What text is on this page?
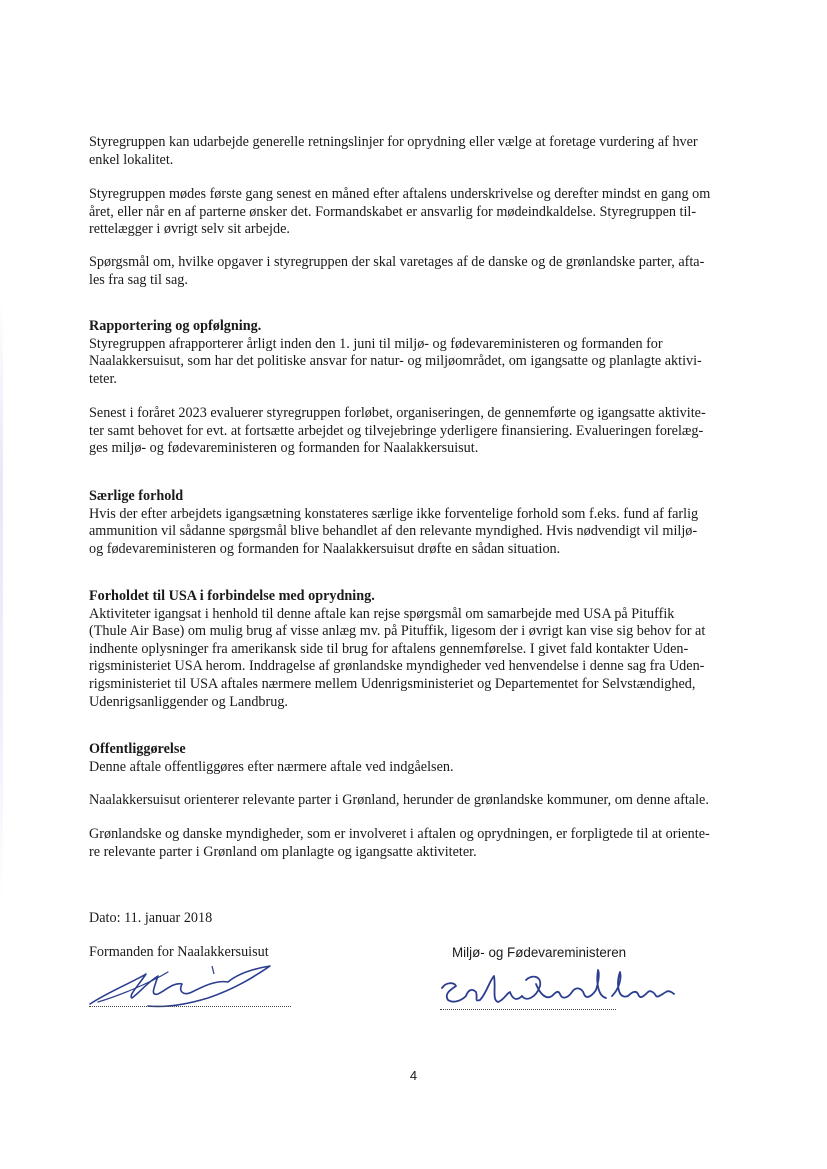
Styregruppen kan udarbejde generelle retningslinjer for oprydning eller vælge at foretage vurdering af hver
enkel lokalitet.

Styregruppen mødes første gang senest en måned efter aftalens underskrivelse og derefter mindst en gang om
året, eller når en af parterne ønsker det. Formandskabet er ansvarlig for mødeindkaldelse. Styregruppen til-
rettelægger i øvrigt selv sit arbejde.

Spørgsmål om, hvilke opgaver i styregruppen der skal varetages af de danske og de grønlandske parter, afta-
les fra sag til sag.

Rapportering og opfølgning.
Styregruppen afrapporterer årligt inden den 1. juni til miljø- og fødevareministeren og formanden for
Naalakkersuisut, som har det politiske ansvar for natur- og miljøområdet, om igangsatte og planlagte aktivi-
teter.

Senest i foråret 2023 evaluerer styregruppen forløbet, organiseringen, de gennemførte og igangsatte aktivite-
ter samt behovet for evt. at fortsætte arbejdet og tilvejebringe yderligere finansiering. Evalueringen forelæg-
ges miljø- og fødevareministeren og formanden for Naalakkersuisut.

Særlige forhold
Hvis der efter arbejdets igangsætning konstateres særlige ikke forventelige forhold som f.eks. fund af farlig
ammunition vil sådanne spørgsmål blive behandlet af den relevante myndighed. Hvis nødvendigt vil miljø-
og fødevareministeren og formanden for Naalakkersuisut drøfte en sådan situation.

Forholdet til USA i forbindelse med oprydning.
Aktiviteter igangsat i henhold til denne aftale kan rejse spørgsmål om samarbejde med USA på Pituffik
(Thule Air Base) om mulig brug af visse anlæg mv. på Pituffik, ligesom der i øvrigt kan vise sig behov for at
indhente oplysninger fra amerikansk side til brug for aftalens gennemførelse. I givet fald kontakter Uden-
rigsministeriet USA herom. Inddragelse af grønlandske myndigheder ved henvendelse i denne sag fra Uden-
rigsministeriet til USA aftales nærmere mellem Udenrigsministeriet og Departementet for Selvstændighed,
Udenrigsanliggender og Landbrug.

Offentliggørelse
Denne aftale offentliggøres efter nærmere aftale ved indgåelsen.

Naalakkersuisut orienterer relevante parter i Grønland, herunder de grønlandske kommuner, om denne aftale.

Grønlandske og danske myndigheder, som er involveret i aftalen og oprydningen, er forpligtede til at oriente-
re relevante parter i Grønland om planlagte og igangsatte aktiviteter.

Dato: 11. januar 2018

Formanden for Naalakkersuisut	Miljø- og Fødevareministeren
4
